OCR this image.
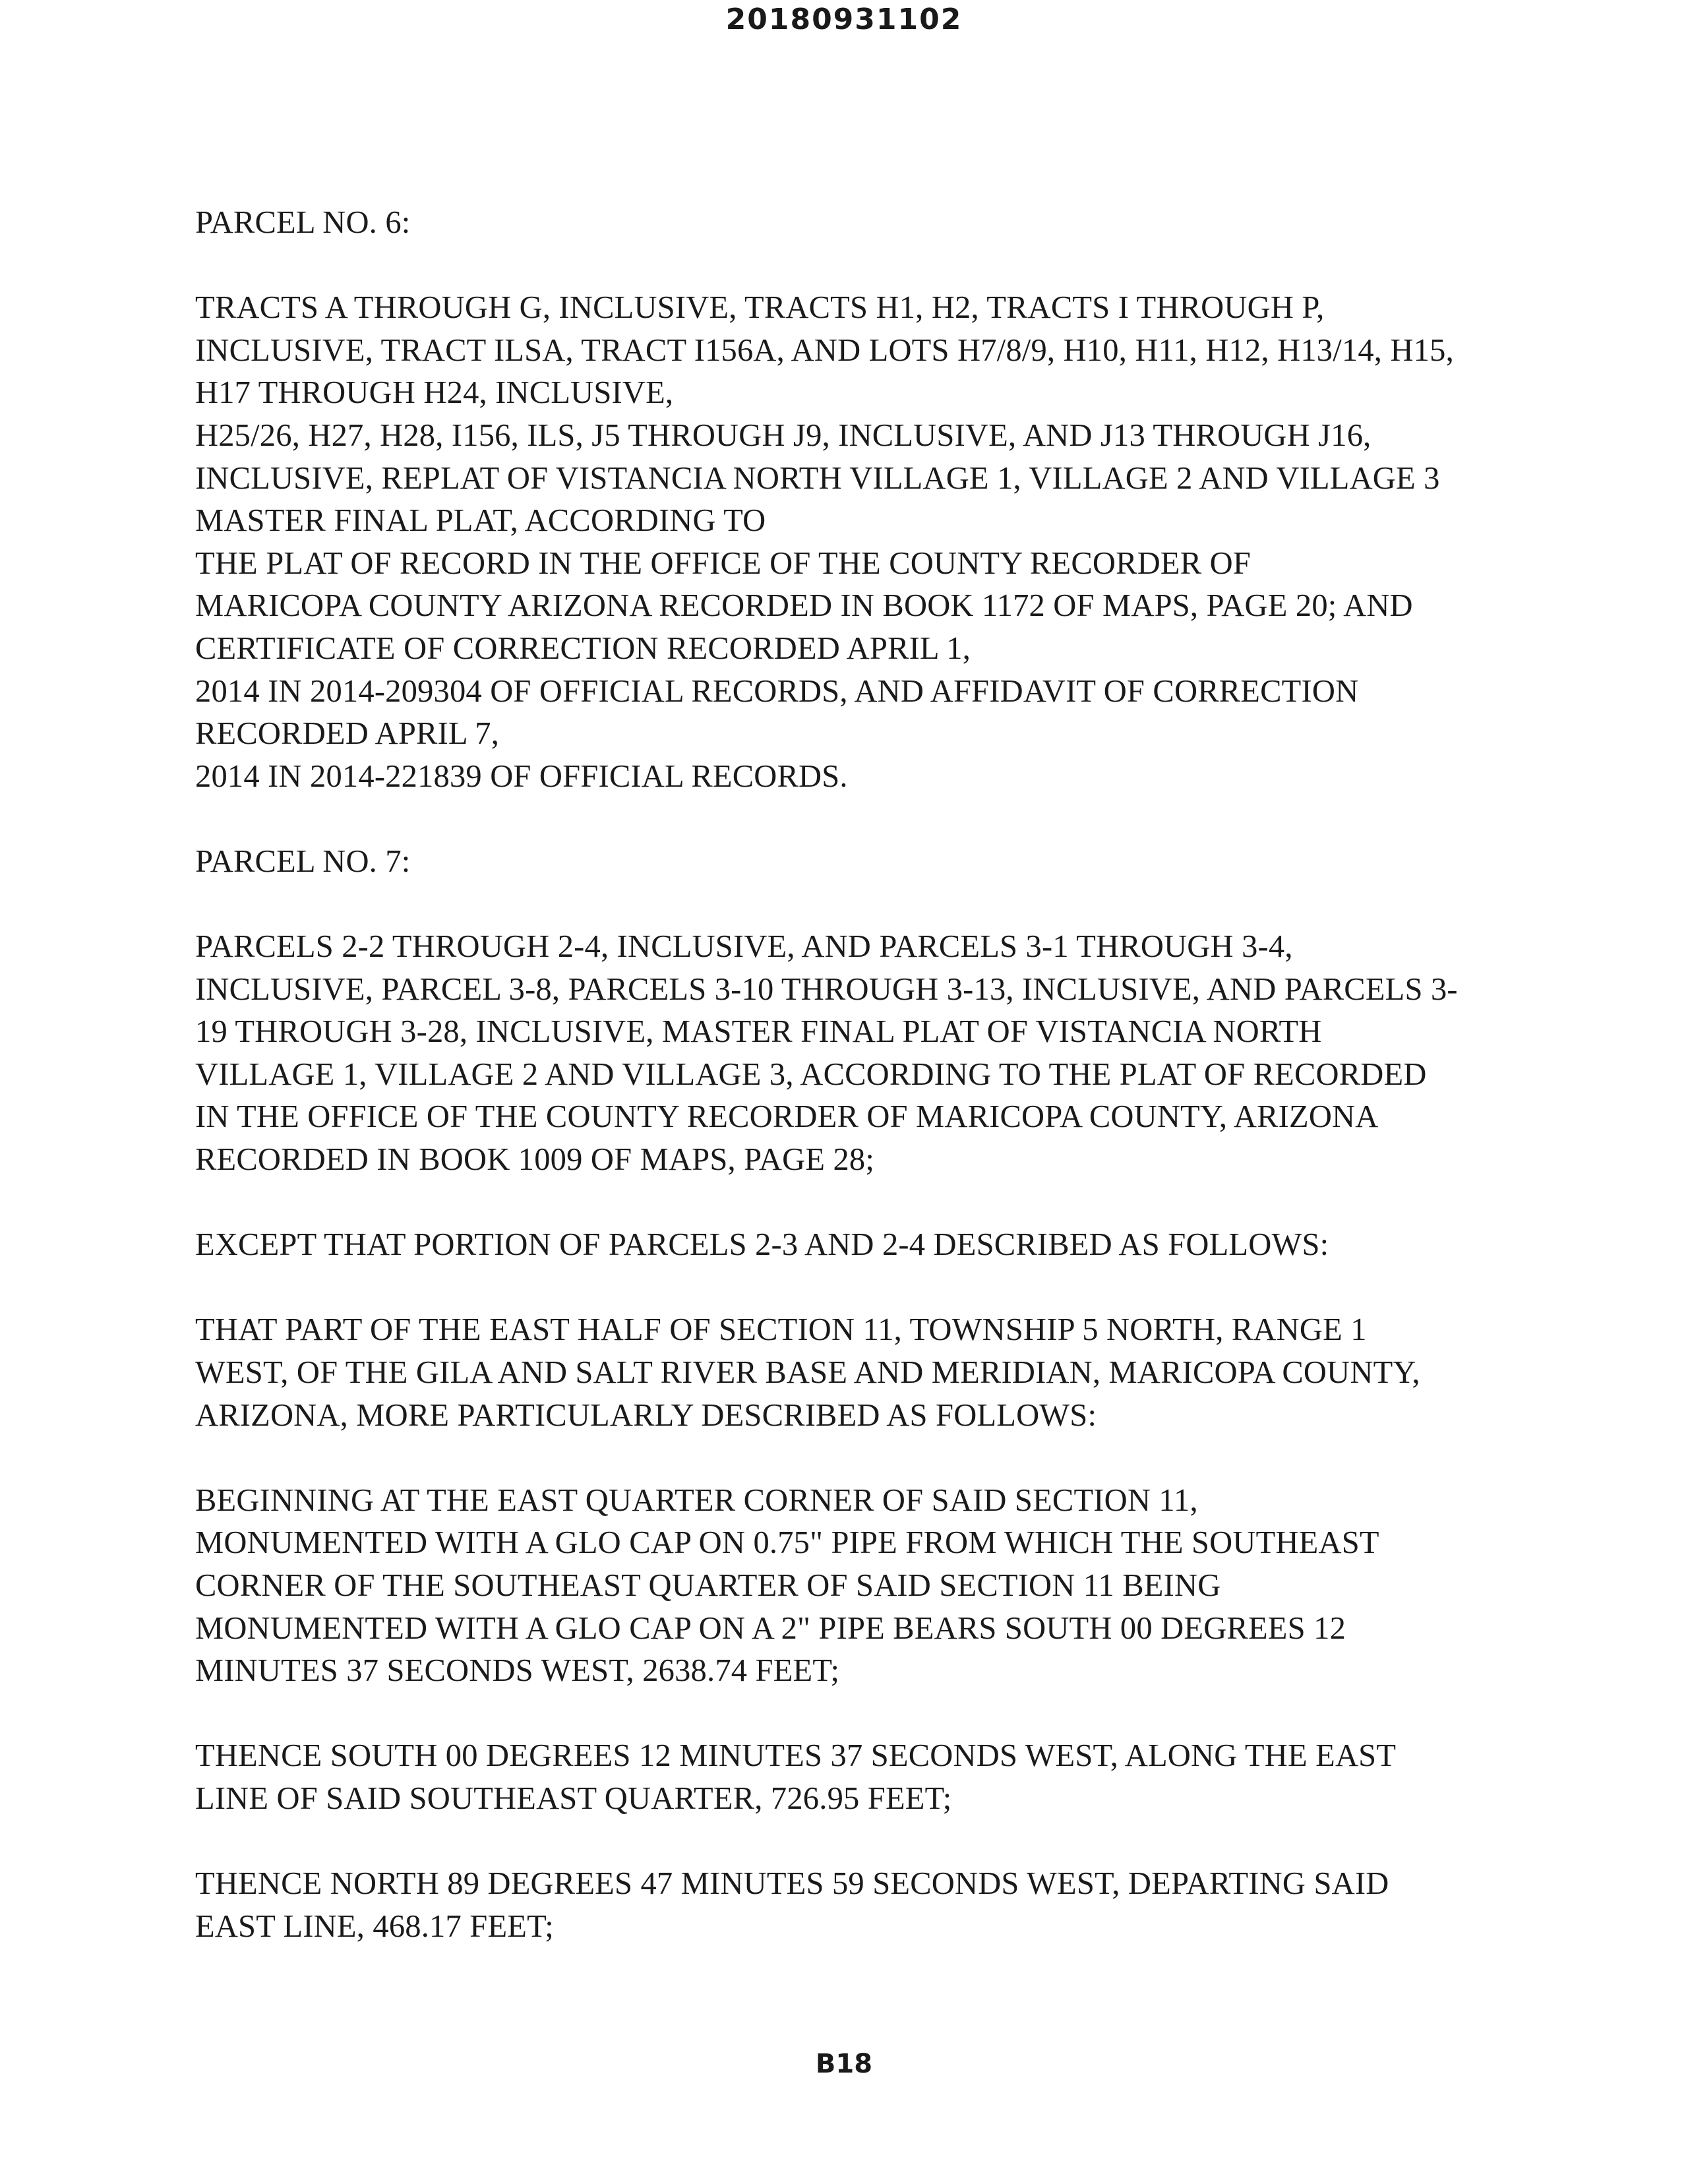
20180931102
PARCEL NO. 6:
TRACTS A THROUGH G, INCLUSIVE, TRACTS H1, H2, TRACTS I THROUGH P,
INCLUSIVE, TRACT ILSA, TRACT I156A, AND LOTS H7/8/9, H10, H11, H12, H13/14, H15,
H17 THROUGH H24, INCLUSIVE,
H25/26, H27, H28, I156, ILS, J5 THROUGH J9, INCLUSIVE, AND J13 THROUGH J16,
INCLUSIVE, REPLAT OF VISTANCIA NORTH VILLAGE 1, VILLAGE 2 AND VILLAGE 3
MASTER FINAL PLAT, ACCORDING TO
THE PLAT OF RECORD IN THE OFFICE OF THE COUNTY RECORDER OF
MARICOPA COUNTY ARIZONA RECORDED IN BOOK 1172 OF MAPS, PAGE 20; AND
CERTIFICATE OF CORRECTION RECORDED APRIL 1,
2014 IN 2014-209304 OF OFFICIAL RECORDS, AND AFFIDAVIT OF CORRECTION
RECORDED APRIL 7,
2014 IN 2014-221839 OF OFFICIAL RECORDS.
PARCEL NO. 7:
PARCELS 2-2 THROUGH 2-4, INCLUSIVE, AND PARCELS 3-1 THROUGH 3-4,
INCLUSIVE, PARCEL 3-8, PARCELS 3-10 THROUGH 3-13, INCLUSIVE, AND PARCELS 3-
19 THROUGH 3-28, INCLUSIVE, MASTER FINAL PLAT OF VISTANCIA NORTH
VILLAGE 1, VILLAGE 2 AND VILLAGE 3, ACCORDING TO THE PLAT OF RECORDED
IN THE OFFICE OF THE COUNTY RECORDER OF MARICOPA COUNTY, ARIZONA
RECORDED IN BOOK 1009 OF MAPS, PAGE 28;
EXCEPT THAT PORTION OF PARCELS 2-3 AND 2-4 DESCRIBED AS FOLLOWS:
THAT PART OF THE EAST HALF OF SECTION 11, TOWNSHIP 5 NORTH, RANGE 1
WEST, OF THE GILA AND SALT RIVER BASE AND MERIDIAN, MARICOPA COUNTY,
ARIZONA, MORE PARTICULARLY DESCRIBED AS FOLLOWS:
BEGINNING AT THE EAST QUARTER CORNER OF SAID SECTION 11,
MONUMENTED WITH A GLO CAP ON 0.75" PIPE FROM WHICH THE SOUTHEAST
CORNER OF THE SOUTHEAST QUARTER OF SAID SECTION 11 BEING
MONUMENTED WITH A GLO CAP ON A 2" PIPE BEARS SOUTH 00 DEGREES 12
MINUTES 37 SECONDS WEST, 2638.74 FEET;
THENCE SOUTH 00 DEGREES 12 MINUTES 37 SECONDS WEST, ALONG THE EAST
LINE OF SAID SOUTHEAST QUARTER, 726.95 FEET;
THENCE NORTH 89 DEGREES 47 MINUTES 59 SECONDS WEST, DEPARTING SAID
EAST LINE, 468.17 FEET;
B18
